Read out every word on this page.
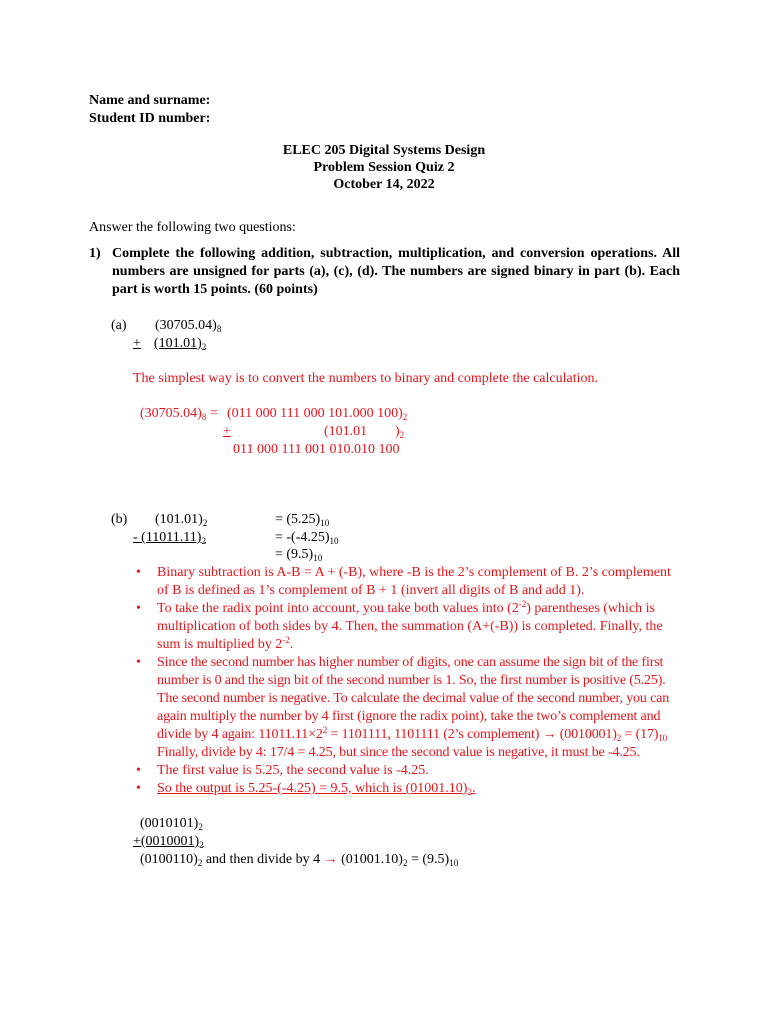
Name and surname:
Student ID number:
ELEC 205 Digital Systems Design
Problem Session Quiz 2
October 14, 2022
Answer the following two questions:
1) Complete the following addition, subtraction, multiplication, and conversion operations. All numbers are unsigned for parts (a), (c), (d). The numbers are signed binary in part (b). Each part is worth 15 points. (60 points)
(a) $(30705.04)_8$
+ $(101.01)_2$
The simplest way is to convert the numbers to binary and complete the calculation.
$(30705.04)_8 = (011$ 000 111 000 101.000 $100)_2$
+	(101.01 )$_2$
011 000 111 001 010.010 100
(b) $(101.01)_2$
- $(11011.11)_2$
= $(5.25)_{10}$
= $-(-4.25)_{10}$
= $(9.5)_{10}$
• Binary subtraction is A-B = A + (-B), where -B is the 2’s complement of B. 2’s complement of B is defined as 1’s complement of B + 1 (invert all digits of B and add 1).
• To take the radix point into account, you take both values into $(2^{-2})$ parentheses (which is multiplication of both sides by 4. Then, the summation (A+(-B)) is completed. Finally, the sum is multiplied by $2^{-2}$.
• Since the second number has higher number of digits, one can assume the sign bit of the first number is 0 and the sign bit of the second number is 1. So, the first number is positive (5.25). The second number is negative. To calculate the decimal value of the second number, you can again multiply the number by 4 first (ignore the radix point), take the two’s complement and divide by 4 again: $11011.11\times 2^2 = 1101111$, 1101111 (2’s complement) → $(0010001)_2 = (17)_{10}$ Finally, divide by 4: 17/4 = 4.25, but since the second value is negative, it must be -4.25.
• The first value is 5.25, the second value is -4.25.
• So the output is 5.25-(-4.25) = 9.5, which is $(01001.10)_2$.
$(0010101)_2$
$+(0010001)_2$
$(0100110)_2$ and then divide by $4 \to (01001.10)_2 = (9.5)_{10}$
